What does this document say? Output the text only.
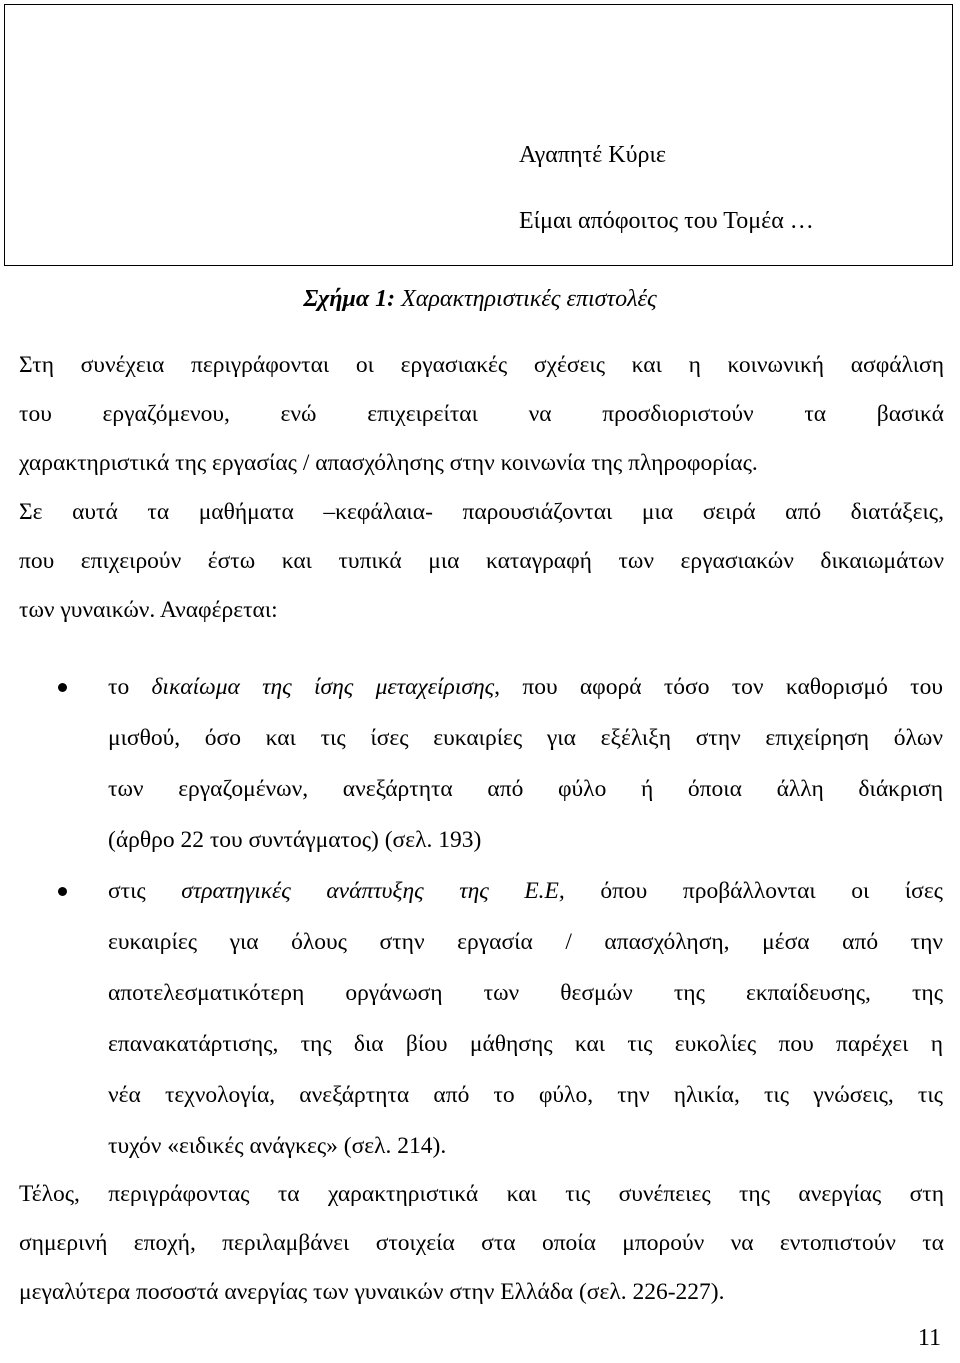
Αγαπητέ Κύριε
Είμαι απόφοιτος του Τομέα …
Σχήμα 1: Χαρακτηριστικές επιστολές
Στη συνέχεια περιγράφονται οι εργασιακές σχέσεις και η κοινωνική ασφάλιση
του εργαζόμενου, ενώ επιχειρείται να προσδιοριστούν τα βασικά
χαρακτηριστικά της εργασίας / απασχόλησης στην κοινωνία της πληροφορίας.
Σε αυτά τα μαθήματα –κεφάλαια- παρουσιάζονται μια σειρά από διατάξεις,
που επιχειρούν έστω και τυπικά μια καταγραφή των εργασιακών δικαιωμάτων
των γυναικών. Αναφέρεται:
το δικαίωμα της ίσης μεταχείρισης, που αφορά τόσο τον καθορισμό του
μισθού, όσο και τις ίσες ευκαιρίες για εξέλιξη στην επιχείρηση όλων
των εργαζομένων, ανεξάρτητα από φύλο ή όποια άλλη διάκριση
(άρθρο 22 του συντάγματος) (σελ. 193)
στις στρατηγικές ανάπτυξης της Ε.Ε, όπου προβάλλονται οι ίσες
ευκαιρίες για όλους στην εργασία / απασχόληση, μέσα από την
αποτελεσματικότερη οργάνωση των θεσμών της εκπαίδευσης, της
επανακατάρτισης, της δια βίου μάθησης και τις ευκολίες που παρέχει η
νέα τεχνολογία, ανεξάρτητα από το φύλο, την ηλικία, τις γνώσεις, τις
τυχόν «ειδικές ανάγκες» (σελ. 214).
Τέλος, περιγράφοντας τα χαρακτηριστικά και τις συνέπειες της ανεργίας στη
σημερινή εποχή, περιλαμβάνει στοιχεία στα οποία μπορούν να εντοπιστούν τα
μεγαλύτερα ποσοστά ανεργίας των γυναικών στην Ελλάδα (σελ. 226-227).
11
